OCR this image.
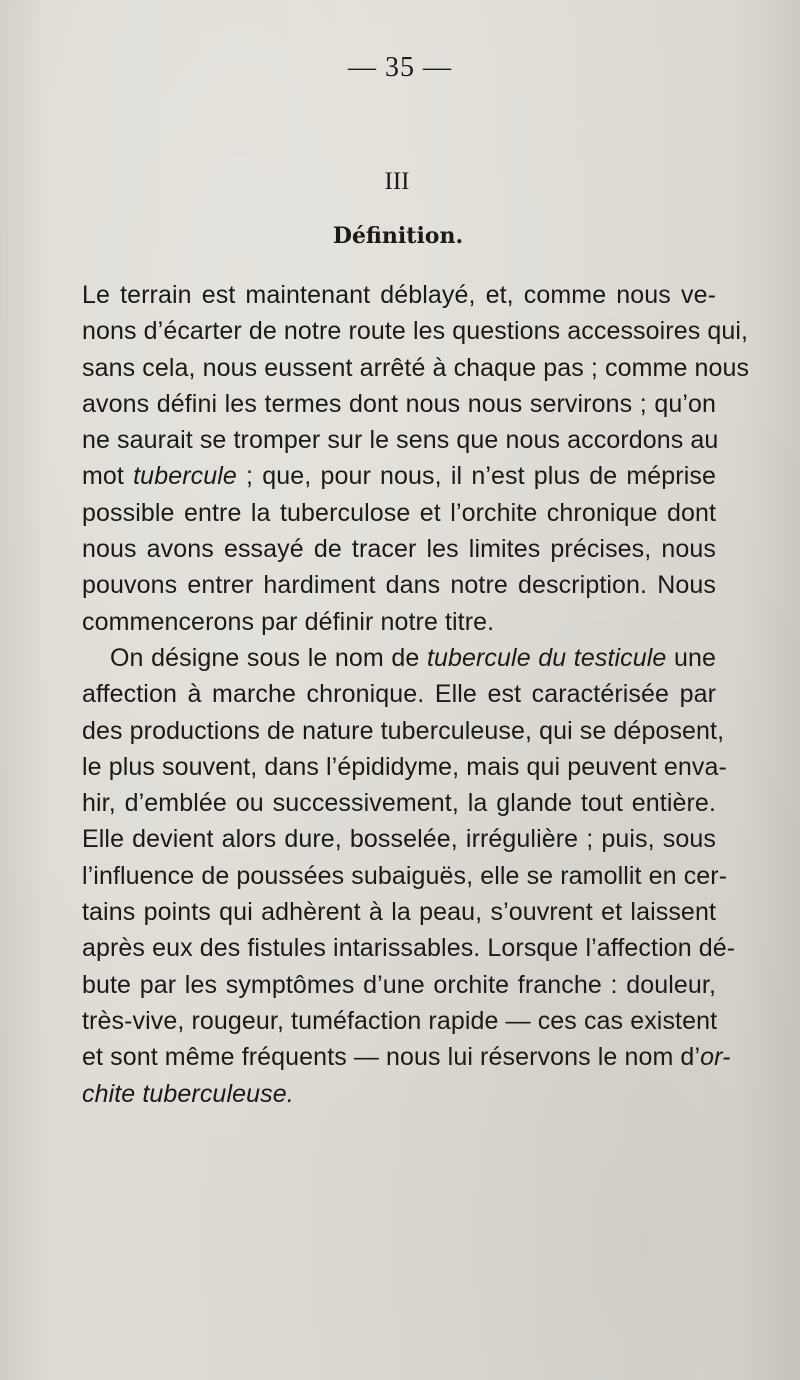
— 35 —
III
Définition.
Le terrain est maintenant déblayé, et, comme nous ve-
nons d’écarter de notre route les questions accessoires qui,
sans cela, nous eussent arrêté à chaque pas ; comme nous
avons défini les termes dont nous nous servirons ; qu’on
ne saurait se tromper sur le sens que nous accordons au
mot tubercule ; que, pour nous, il n’est plus de méprise
possible entre la tuberculose et l’orchite chronique dont
nous avons essayé de tracer les limites précises, nous
pouvons entrer hardiment dans notre description. Nous
commencerons par définir notre titre.
On désigne sous le nom de tubercule du testicule une
affection à marche chronique. Elle est caractérisée par
des productions de nature tuberculeuse, qui se déposent,
le plus souvent, dans l’épididyme, mais qui peuvent enva-
hir, d’emblée ou successivement, la glande tout entière.
Elle devient alors dure, bosselée, irrégulière ; puis, sous
l’influence de poussées subaiguës, elle se ramollit en cer-
tains points qui adhèrent à la peau, s’ouvrent et laissent
après eux des fistules intarissables. Lorsque l’affection dé-
bute par les symptômes d’une orchite franche : douleur,
très-vive, rougeur, tuméfaction rapide — ces cas existent
et sont même fréquents — nous lui réservons le nom d’or-
chite tuberculeuse.
